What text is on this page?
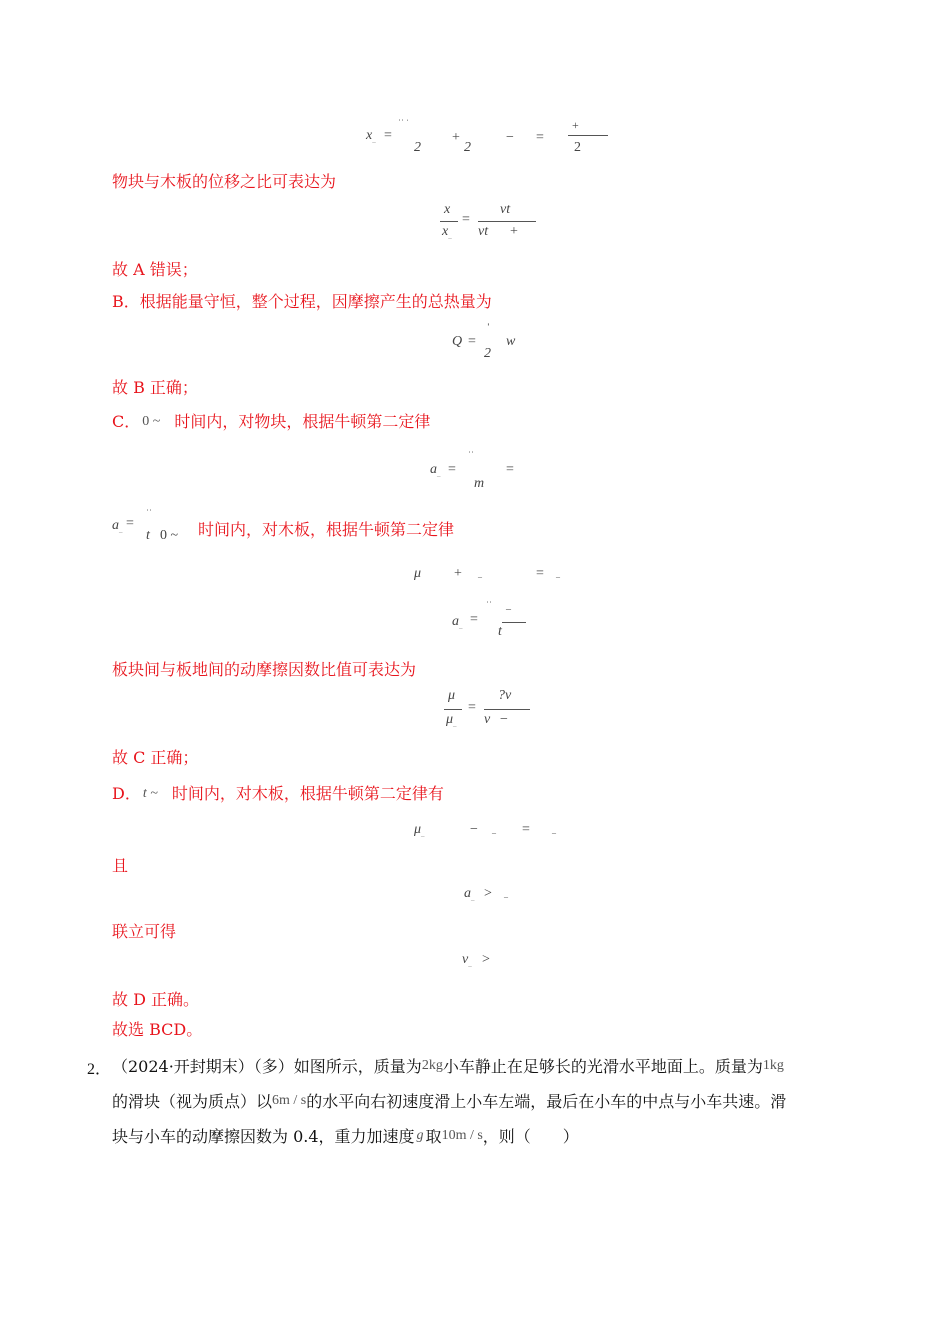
$x_{\_}$ =
˙˙ ˈ
2
+
2
− =
+
2
物块与木板的位移之比可表达为
x
$x_{\_}$
=
vt
vt +
故 A 错误；
B．根据能量守恒，整个过程，因摩擦产生的总热量为
Q =
ˈ
2
w
故 B 正确；
C． 0 ~ 时间内，对物块，根据牛顿第二定律
$a_{\_}$ =
˙˙
m
=
$a_{\_}$ =
˙˙
t 0 ~ 时间内，对木板，根据牛顿第二定律
μ + _	= _
$a_{\_}$ =
˙˙ –
t
板块间与板地间的动摩擦因数比值可表达为
μ
$\mu_{\_}$
=
?v
v −
故 C 正确；
D． t ~ 时间内，对木板，根据牛顿第二定律有
$\mu_{\_}$	− _ =	_
且
$a_{\_}$ > _
联立可得
$v_{\_}$ >
故 D 正确。
故选 BCD。
2． （2024·开封期末）（多）如图所示，质量为2kg小车静止在足够长的光滑水平地面上。质量为1kg
的滑块（视为质点）以6m / s的水平向右初速度滑上小车左端，最后在小车的中点与小车共速。滑
块与小车的动摩擦因数为 0.4，重力加速度 g 取10m / s，则（　　）
